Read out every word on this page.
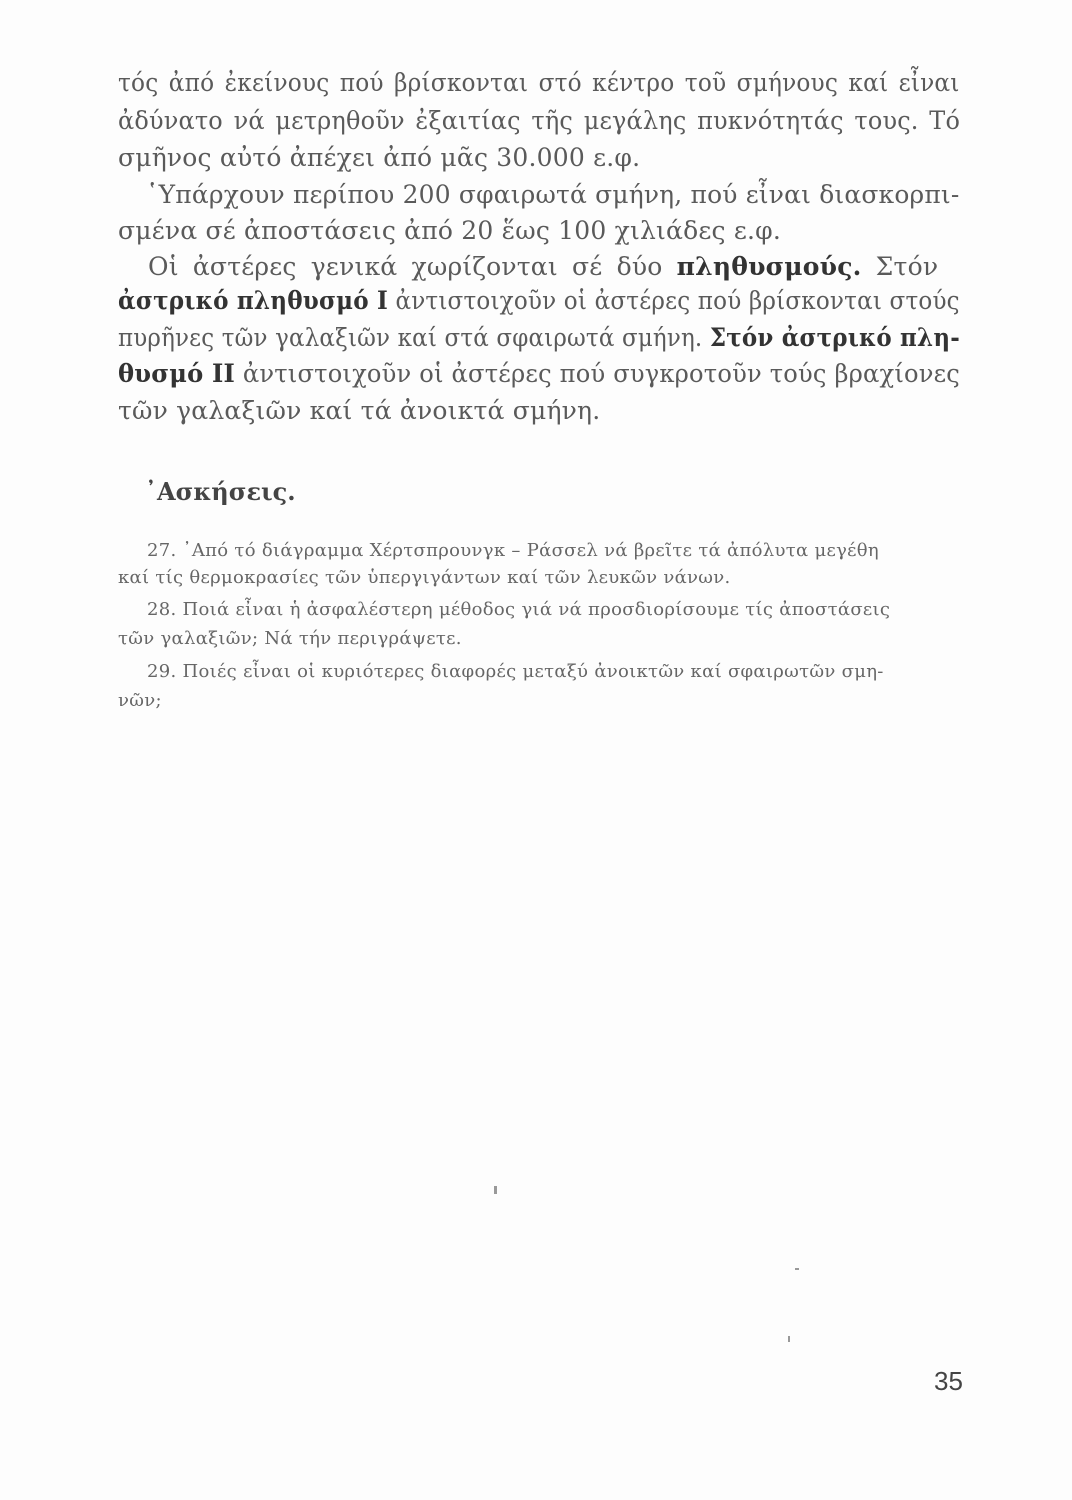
τός ἀπό ἐκείνους πού βρίσκονται στό κέντρο τοῦ σμήνους καί εἶναι

ἀδύνατο νά μετρηθοῦν ἐξαιτίας τῆς μεγάλης πυκνότητάς τους. Τό

σμῆνος αὐτό ἀπέχει ἀπό μᾶς 30.000 ε.φ.

῾Υπάρχουν περίπου 200 σφαιρωτά σμήνη, πού εἶναι διασκορπι-

σμένα σέ ἀποστάσεις ἀπό 20 ἕως 100 χιλιάδες ε.φ.

Οἱ ἀστέρες γενικά χωρίζονται σέ δύο πληθυσμούς. Στόν

ἀστρικό πληθυσμό Ι ἀντιστοιχοῦν οἱ ἀστέρες πού βρίσκονται στούς

πυρῆνες τῶν γαλαξιῶν καί στά σφαιρωτά σμήνη. Στόν ἀστρικό πλη-

θυσμό ΙΙ ἀντιστοιχοῦν οἱ ἀστέρες πού συγκροτοῦν τούς βραχίονες

τῶν γαλαξιῶν καί τά ἀνοικτά σμήνη.

᾿Ασκήσεις.

27. ᾿Από τό διάγραμμα Χέρτσπρουνγκ – Ράσσελ νά βρεῖτε τά ἀπόλυτα μεγέθη

καί τίς θερμοκρασίες τῶν ὑπεργιγάντων καί τῶν λευκῶν νάνων.

28. Ποιά εἶναι ἡ ἀσφαλέστερη μέθοδος γιά νά προσδιορίσουμε τίς ἀποστάσεις

τῶν γαλαξιῶν; Νά τήν περιγράψετε.

29. Ποιές εἶναι οἱ κυριότερες διαφορές μεταξύ ἀνοικτῶν καί σφαιρωτῶν σμη-

νῶν;

35
